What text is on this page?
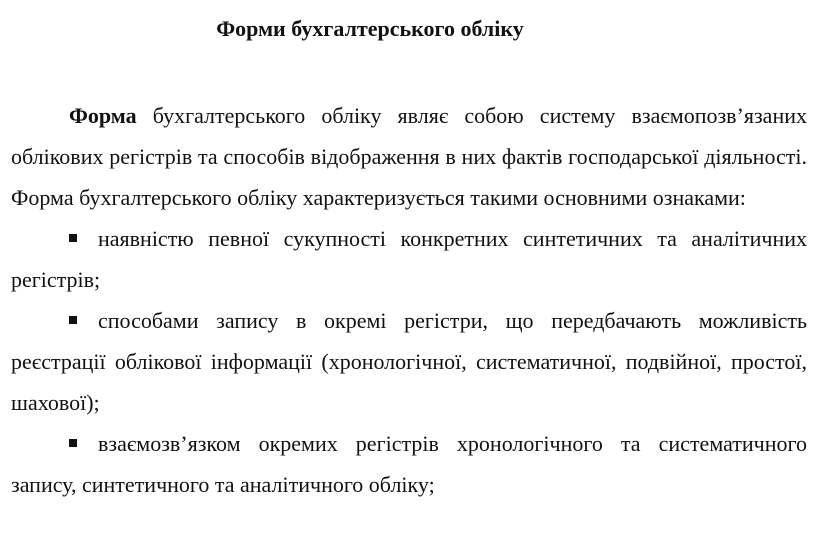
Форми бухгалтерського обліку

Форма бухгалтерського обліку являє собою систему взаємопозв’язаних облікових регістрів та способів відображення в них фактів господарської діяльності. Форма бухгалтерського обліку характеризується такими основними ознаками:

наявністю певної сукупності конкретних синтетичних та аналітичних регістрів;

способами запису в окремі регістри, що передбачають можливість реєстрації облікової інформації (хронологічної, систематичної, подвійної, простої, шахової);

взаємозв’язком окремих регістрів хронологічного та систематичного запису, синтетичного та аналітичного обліку;
